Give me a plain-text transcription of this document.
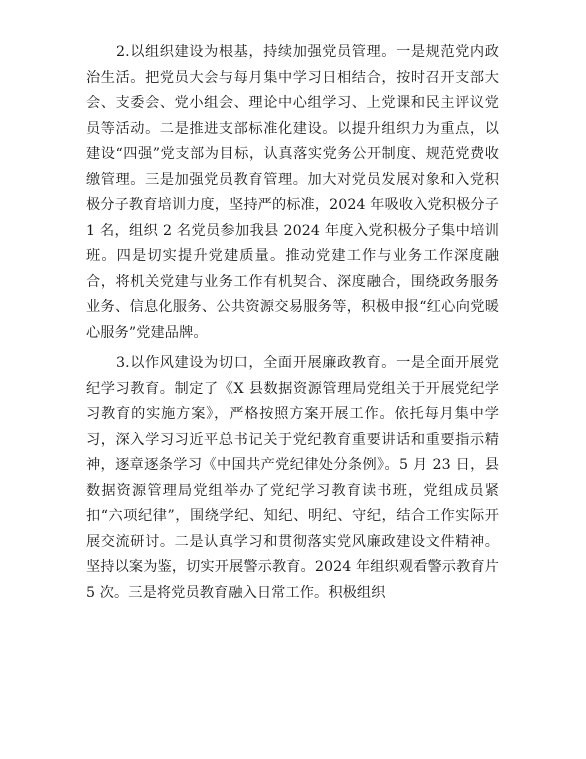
2.以组织建设为根基，持续加强党员管理。一是规范党内政治生活。把党员大会与每月集中学习日相结合，按时召开支部大会、支委会、党小组会、理论中心组学习、上党课和民主评议党员等活动。二是推进支部标准化建设。以提升组织力为重点，以建设“四强”党支部为目标，认真落实党务公开制度、规范党费收缴管理。三是加强党员教育管理。加大对党员发展对象和入党积极分子教育培训力度，坚持严的标准，2024 年吸收入党积极分子 1 名，组织 2 名党员参加我县 2024 年度入党积极分子集中培训班。四是切实提升党建质量。推动党建工作与业务工作深度融合，将机关党建与业务工作有机契合、深度融合，围绕政务服务业务、信息化服务、公共资源交易服务等，积极申报“红心向党暖心服务”党建品牌。

3.以作风建设为切口，全面开展廉政教育。一是全面开展党纪学习教育。制定了《X 县数据资源管理局党组关于开展党纪学习教育的实施方案》，严格按照方案开展工作。依托每月集中学习，深入学习习近平总书记关于党纪教育重要讲话和重要指示精神，逐章逐条学习《中国共产党纪律处分条例》。5 月 23 日，县数据资源管理局党组举办了党纪学习教育读书班，党组成员紧扣“六项纪律”，围绕学纪、知纪、明纪、守纪，结合工作实际开展交流研讨。二是认真学习和贯彻落实党风廉政建设文件精神。坚持以案为鉴，切实开展警示教育。2024 年组织观看警示教育片 5 次。三是将党员教育融入日常工作。积极组织
